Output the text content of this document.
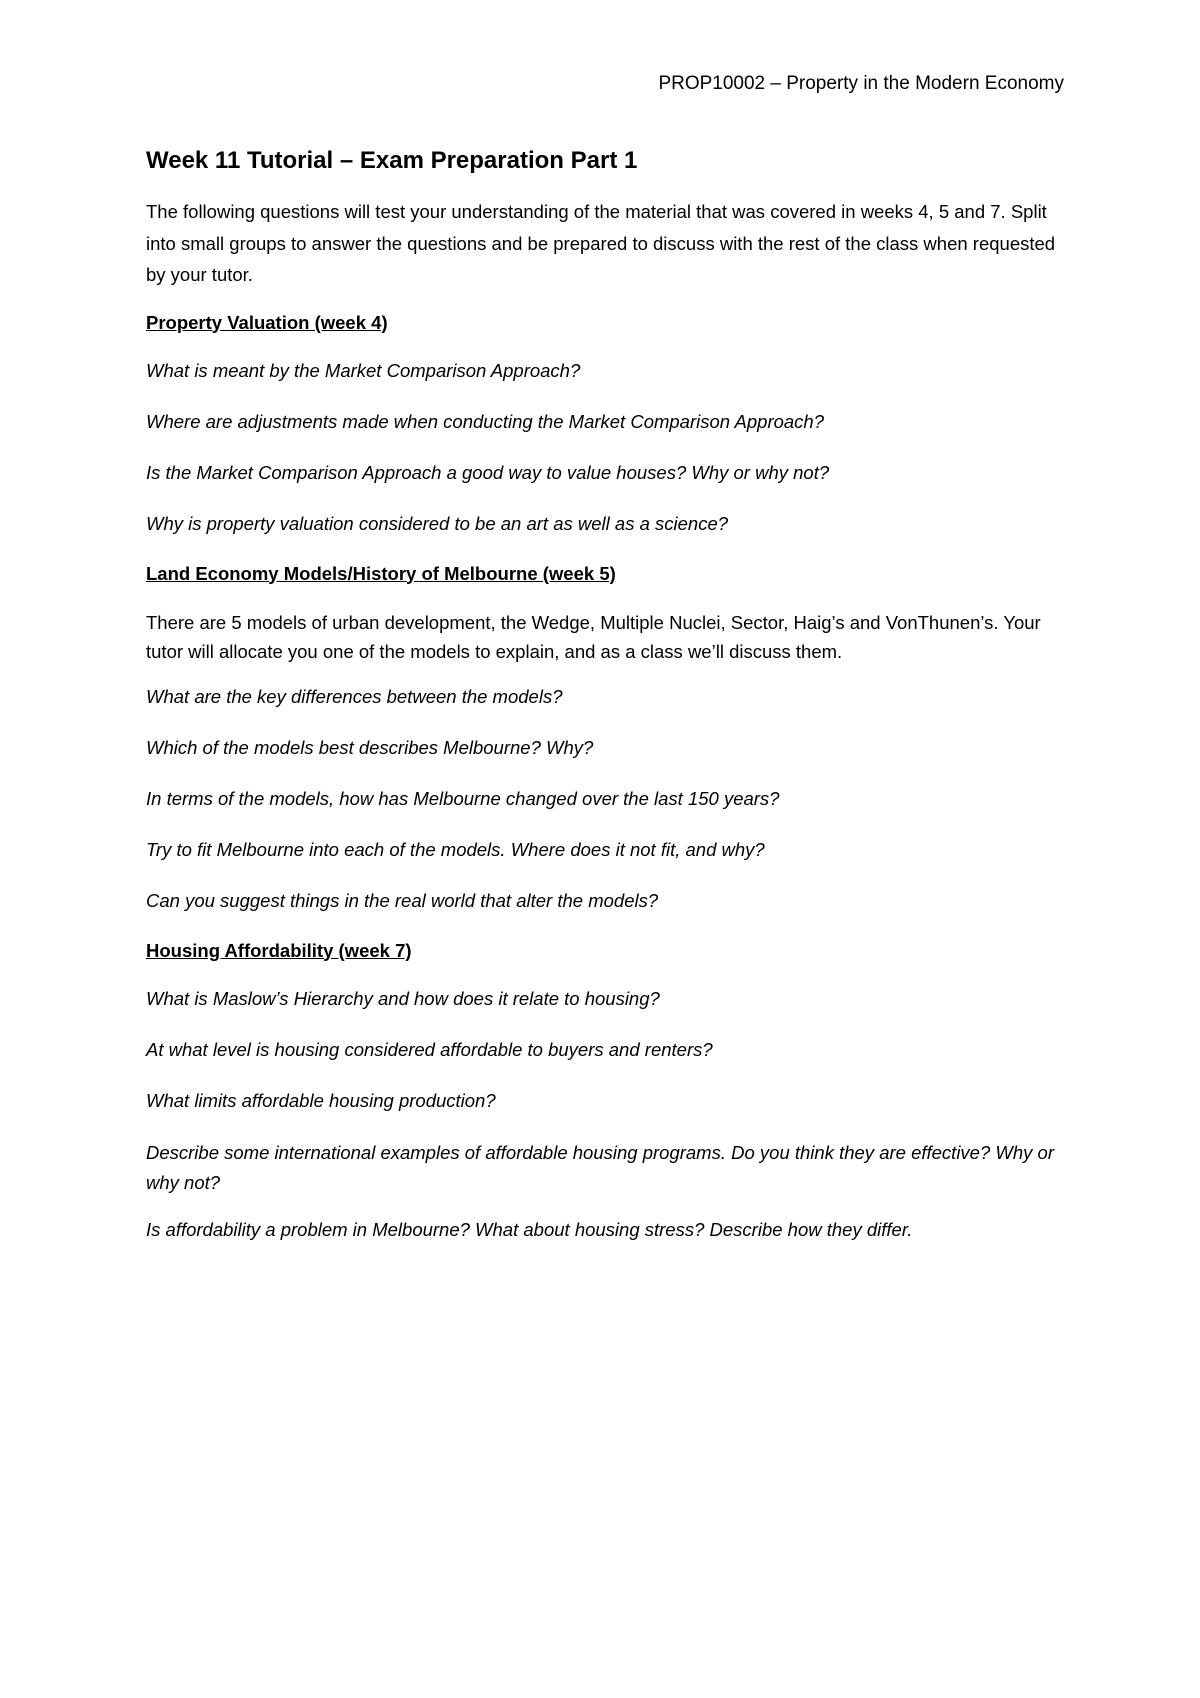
PROP10002 – Property in the Modern Economy
Week 11 Tutorial – Exam Preparation Part 1
The following questions will test your understanding of the material that was covered in weeks 4, 5 and 7. Split into small groups to answer the questions and be prepared to discuss with the rest of the class when requested by your tutor.
Property Valuation (week 4)
What is meant by the Market Comparison Approach?
Where are adjustments made when conducting the Market Comparison Approach?
Is the Market Comparison Approach a good way to value houses? Why or why not?
Why is property valuation considered to be an art as well as a science?
Land Economy Models/History of Melbourne (week 5)
There are 5 models of urban development, the Wedge, Multiple Nuclei, Sector, Haig’s and VonThunen’s. Your tutor will allocate you one of the models to explain, and as a class we’ll discuss them.
What are the key differences between the models?
Which of the models best describes Melbourne? Why?
In terms of the models, how has Melbourne changed over the last 150 years?
Try to fit Melbourne into each of the models. Where does it not fit, and why?
Can you suggest things in the real world that alter the models?
Housing Affordability (week 7)
What is Maslow’s Hierarchy and how does it relate to housing?
At what level is housing considered affordable to buyers and renters?
What limits affordable housing production?
Describe some international examples of affordable housing programs. Do you think they are effective? Why or why not?
Is affordability a problem in Melbourne? What about housing stress? Describe how they differ.
